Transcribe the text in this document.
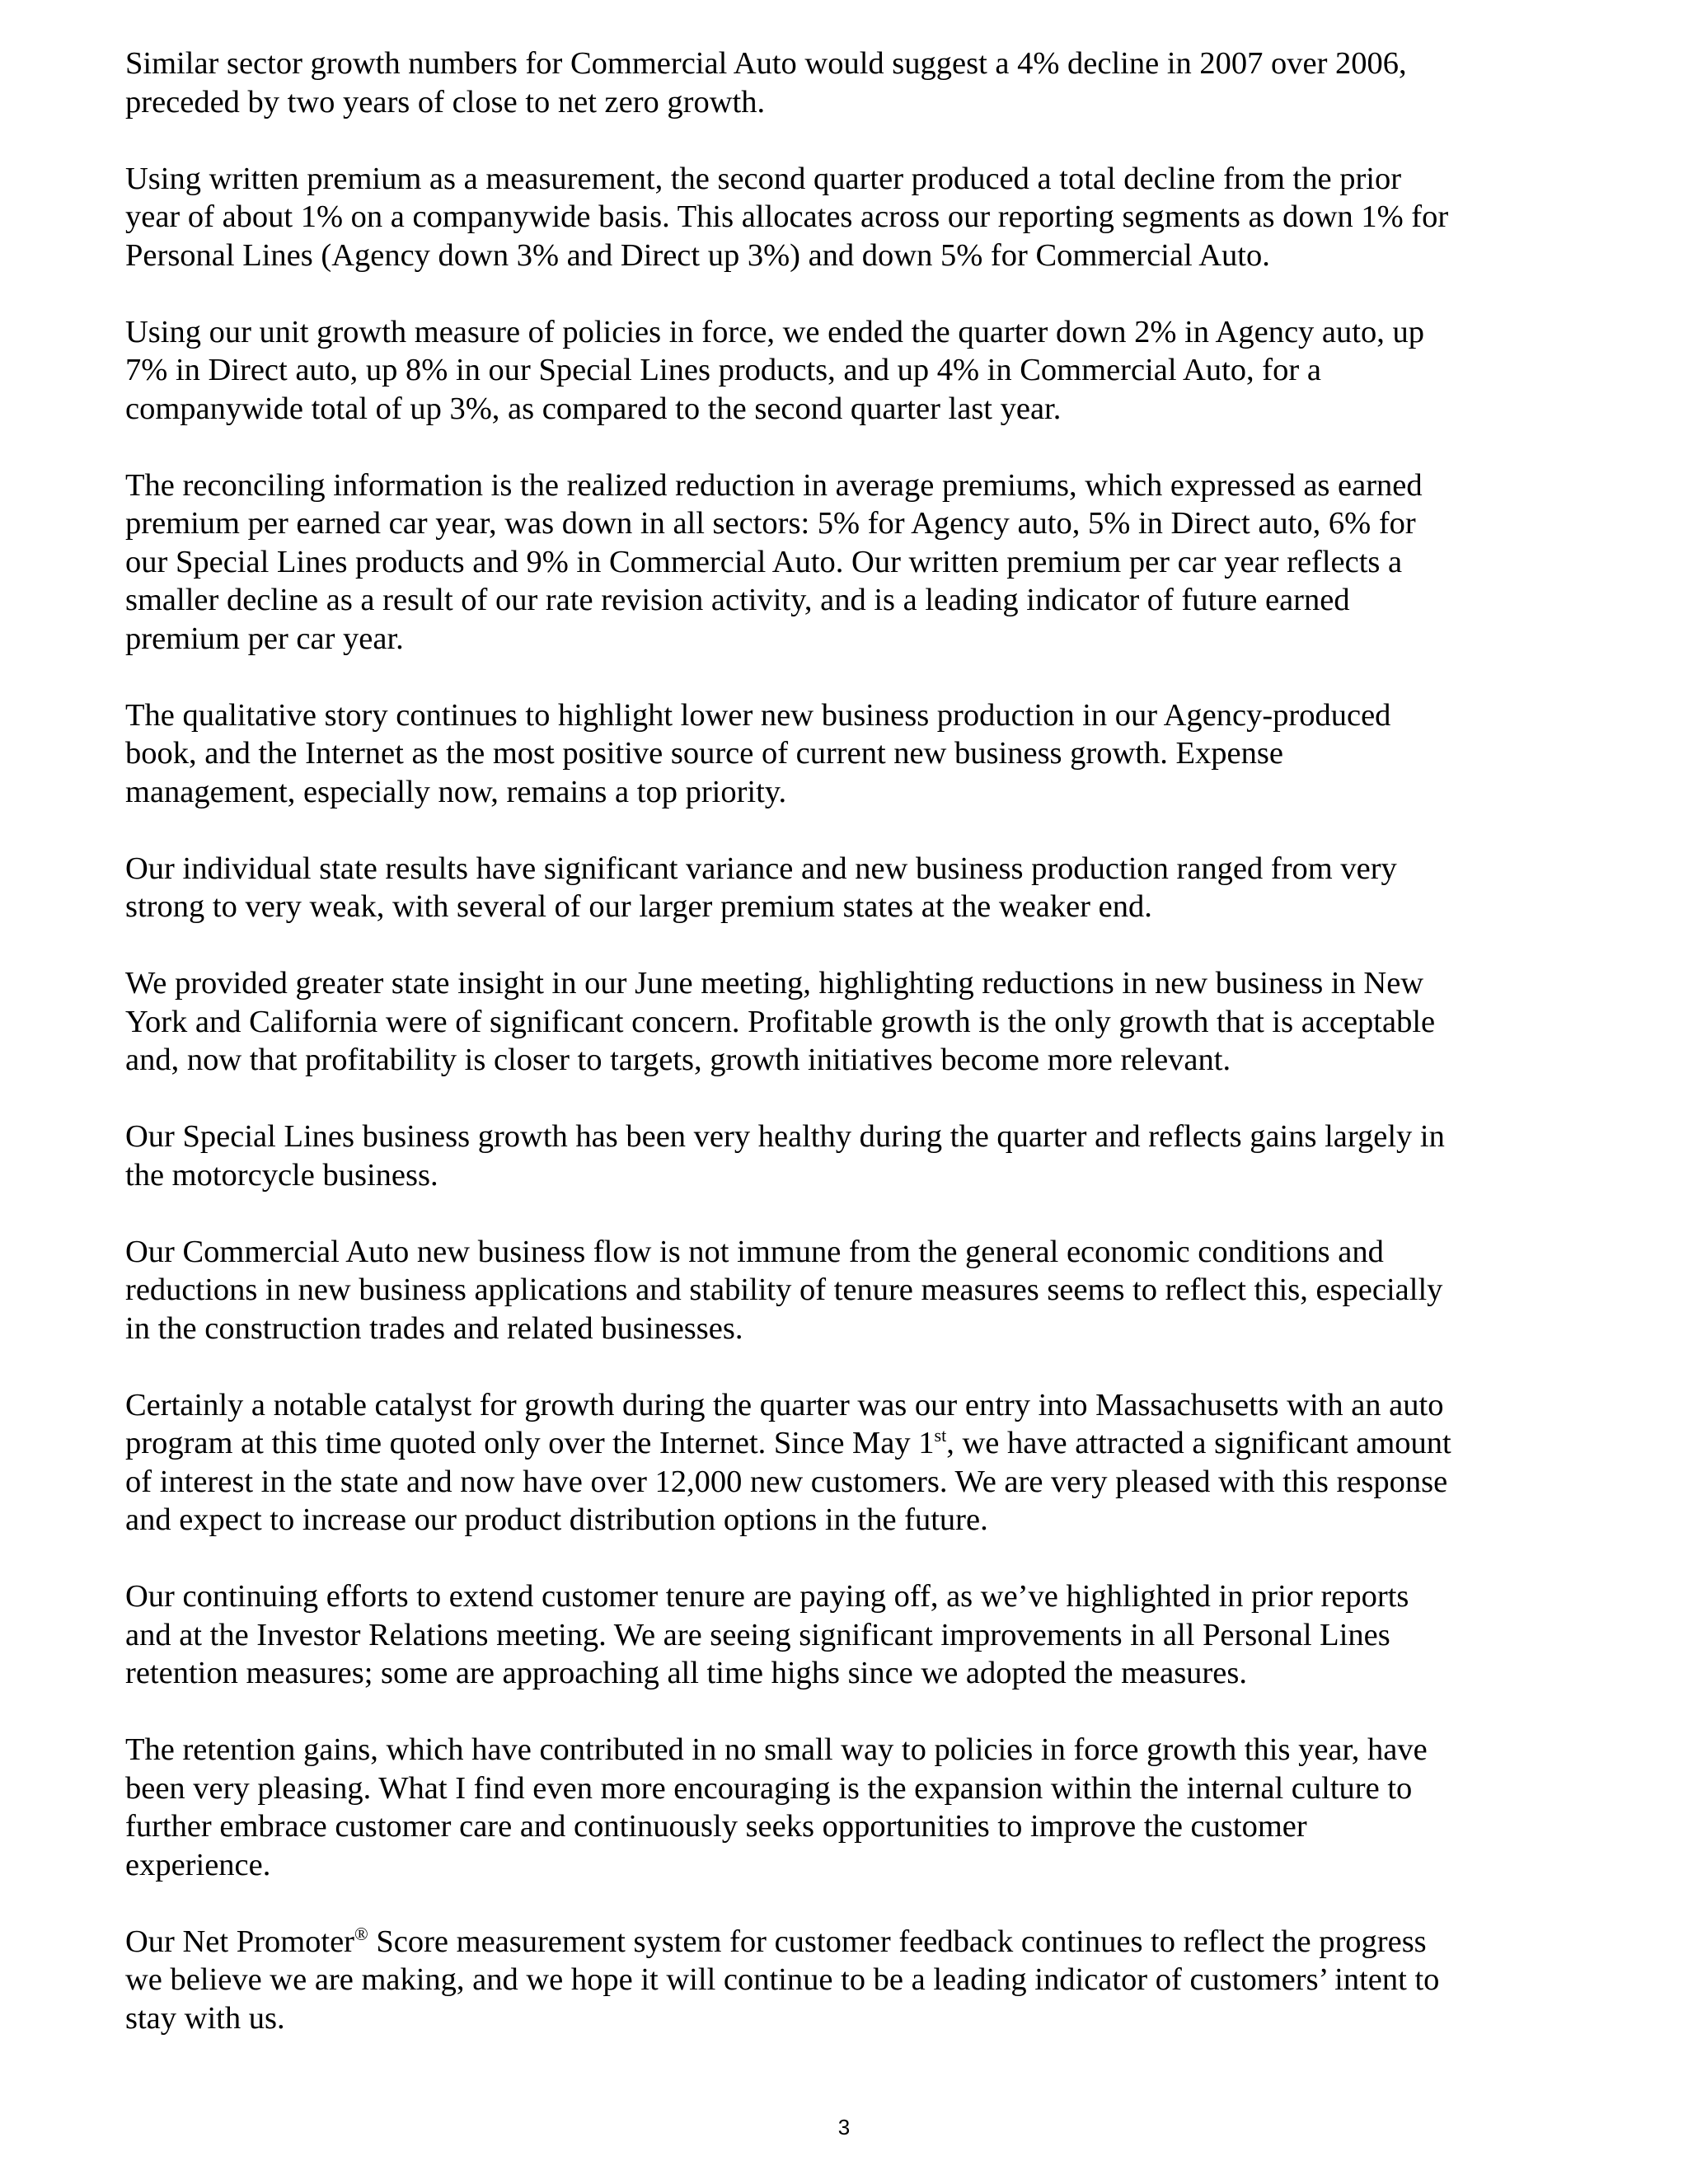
Similar sector growth numbers for Commercial Auto would suggest a 4% decline in 2007 over 2006,
preceded by two years of close to net zero growth.

Using written premium as a measurement, the second quarter produced a total decline from the prior
year of about 1% on a companywide basis. This allocates across our reporting segments as down 1% for
Personal Lines (Agency down 3% and Direct up 3%) and down 5% for Commercial Auto.

Using our unit growth measure of policies in force, we ended the quarter down 2% in Agency auto, up
7% in Direct auto, up 8% in our Special Lines products, and up 4% in Commercial Auto, for a
companywide total of up 3%, as compared to the second quarter last year.

The reconciling information is the realized reduction in average premiums, which expressed as earned
premium per earned car year, was down in all sectors: 5% for Agency auto, 5% in Direct auto, 6% for
our Special Lines products and 9% in Commercial Auto. Our written premium per car year reflects a
smaller decline as a result of our rate revision activity, and is a leading indicator of future earned
premium per car year.

The qualitative story continues to highlight lower new business production in our Agency-produced
book, and the Internet as the most positive source of current new business growth. Expense
management, especially now, remains a top priority.

Our individual state results have significant variance and new business production ranged from very
strong to very weak, with several of our larger premium states at the weaker end.

We provided greater state insight in our June meeting, highlighting reductions in new business in New
York and California were of significant concern. Profitable growth is the only growth that is acceptable
and, now that profitability is closer to targets, growth initiatives become more relevant.

Our Special Lines business growth has been very healthy during the quarter and reflects gains largely in
the motorcycle business.

Our Commercial Auto new business flow is not immune from the general economic conditions and
reductions in new business applications and stability of tenure measures seems to reflect this, especially
in the construction trades and related businesses.

Certainly a notable catalyst for growth during the quarter was our entry into Massachusetts with an auto
program at this time quoted only over the Internet. Since May 1st, we have attracted a significant amount
of interest in the state and now have over 12,000 new customers. We are very pleased with this response
and expect to increase our product distribution options in the future.

Our continuing efforts to extend customer tenure are paying off, as we’ve highlighted in prior reports
and at the Investor Relations meeting. We are seeing significant improvements in all Personal Lines
retention measures; some are approaching all time highs since we adopted the measures.

The retention gains, which have contributed in no small way to policies in force growth this year, have
been very pleasing. What I find even more encouraging is the expansion within the internal culture to
further embrace customer care and continuously seeks opportunities to improve the customer
experience.

Our Net Promoter® Score measurement system for customer feedback continues to reflect the progress
we believe we are making, and we hope it will continue to be a leading indicator of customers’ intent to
stay with us.

3
